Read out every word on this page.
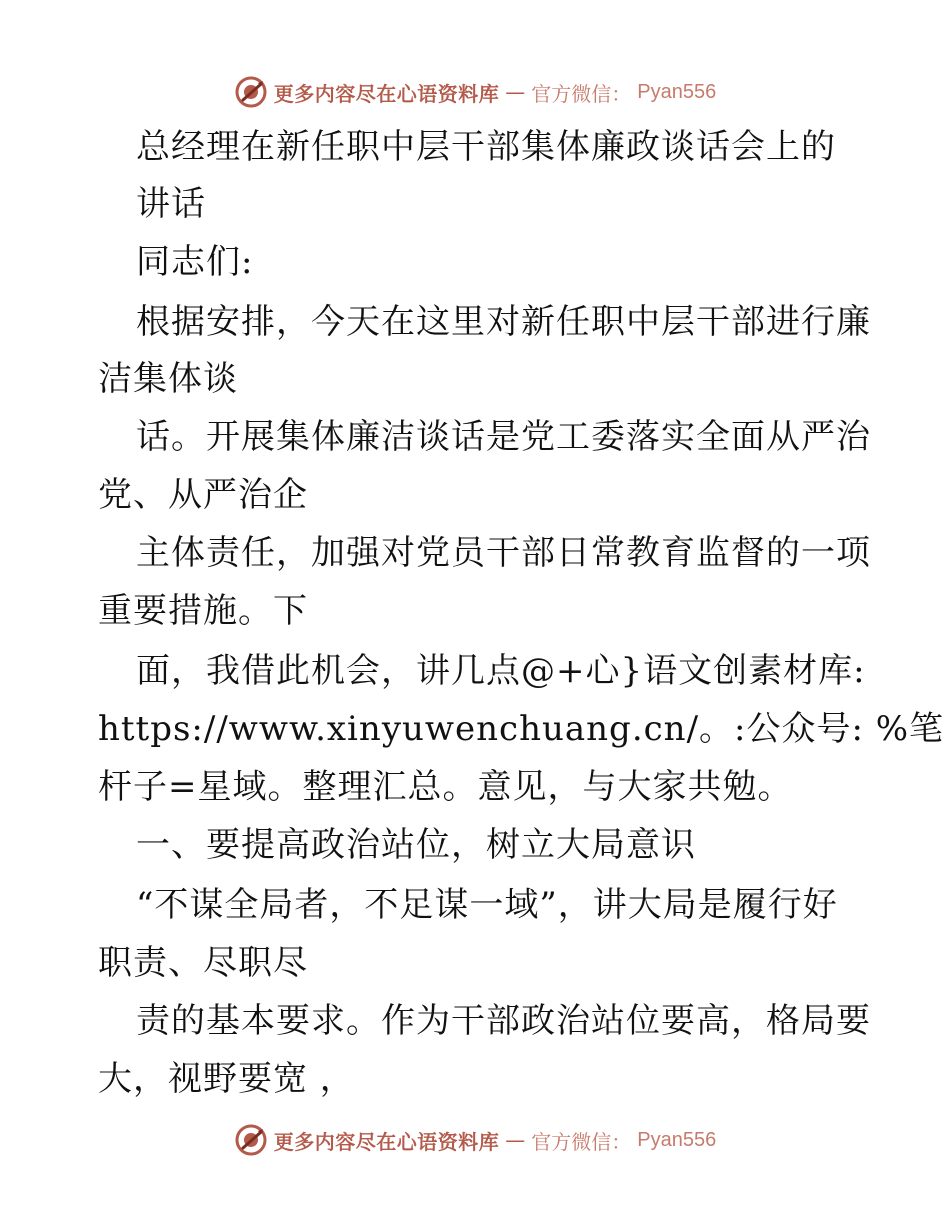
更多内容尽在心语资料库 — 官方微信： Pyan556
总经理在新任职中层干部集体廉政谈话会上的
讲话
同志们:
根据安排，今天在这里对新任职中层干部进行廉
洁集体谈
话。开展集体廉洁谈话是党工委落实全面从严治
党、从严治企
主体责任，加强对党员干部日常教育监督的一项
重要措施。下
面，我借此机会，讲几点@+心}语文创素材库:
https://www.xinyuwenchuang.cn/。:公众号: %笔
杆子=星域。整理汇总。意见，与大家共勉。
一、要提高政治站位，树立大局意识
“不谋全局者，不足谋一域”，讲大局是履行好
职责、尽职尽
责的基本要求。作为干部政治站位要高，格局要
大，视野要宽 ，
更多内容尽在心语资料库 — 官方微信： Pyan556
